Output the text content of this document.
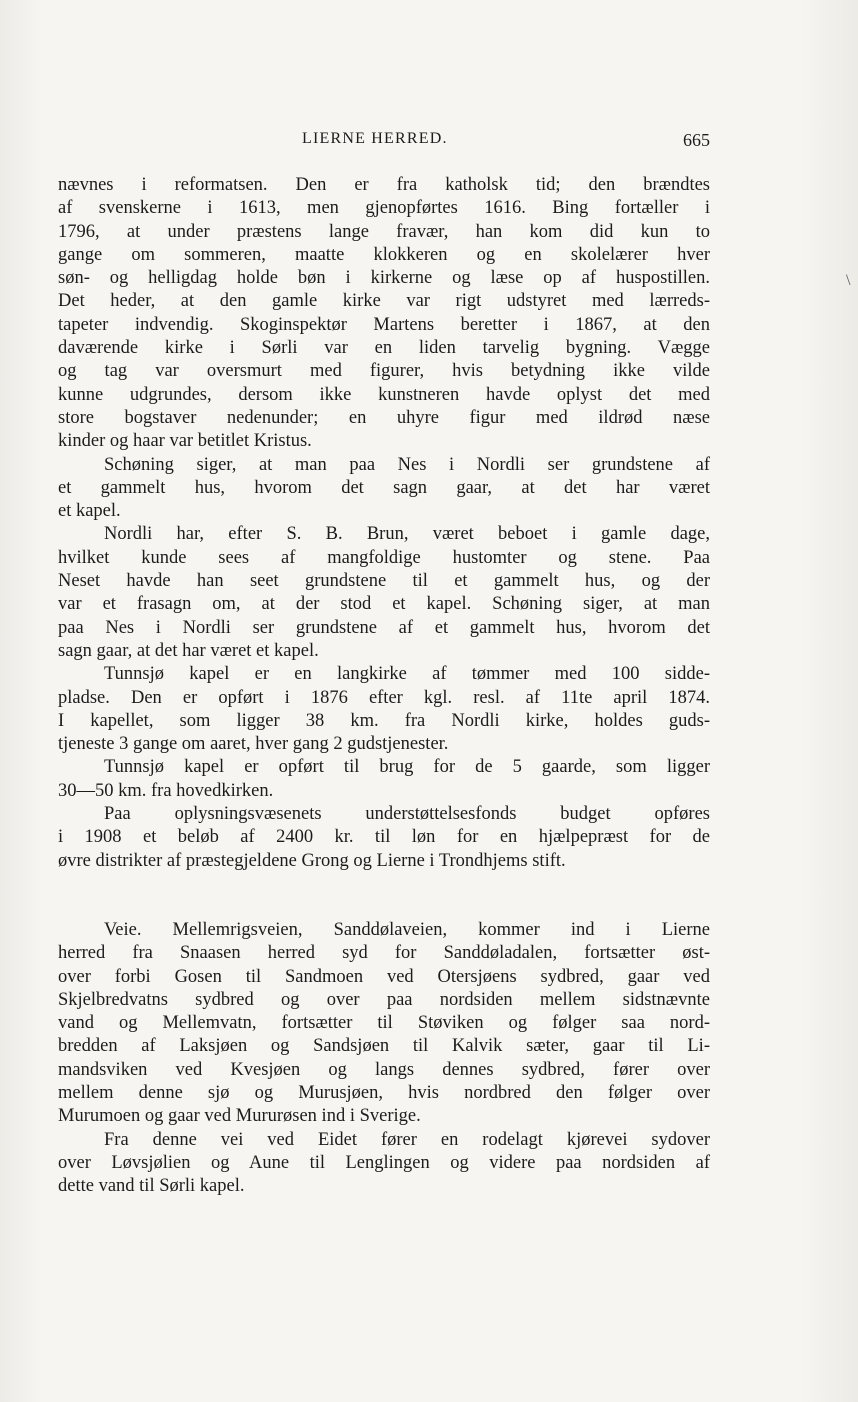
LIERNE HERRED.	665
\
nævnes i reformatsen. Den er fra katholsk tid; den brændtes
af svenskerne i 1613, men gjenopførtes 1616. Bing fortæller i
1796, at under præstens lange fravær, han kom did kun to
gange om sommeren, maatte klokkeren og en skolelærer hver
søn- og helligdag holde bøn i kirkerne og læse op af huspostillen.
Det heder, at den gamle kirke var rigt udstyret med lærreds-
tapeter indvendig. Skoginspektør Martens beretter i 1867, at den
daværende kirke i Sørli var en liden tarvelig bygning. Vægge
og tag var oversmurt med figurer, hvis betydning ikke vilde
kunne udgrundes, dersom ikke kunstneren havde oplyst det med
store bogstaver nedenunder; en uhyre figur med ildrød næse
kinder og haar var betitlet Kristus.
Schøning siger, at man paa Nes i Nordli ser grundstene af
et gammelt hus, hvorom det sagn gaar, at det har været
et kapel.
Nordli har, efter S. B. Brun, været beboet i gamle dage,
hvilket kunde sees af mangfoldige hustomter og stene. Paa
Neset havde han seet grundstene til et gammelt hus, og der
var et frasagn om, at der stod et kapel. Schøning siger, at man
paa Nes i Nordli ser grundstene af et gammelt hus, hvorom det
sagn gaar, at det har været et kapel.
Tunnsjø kapel er en langkirke af tømmer med 100 sidde-
pladse. Den er opført i 1876 efter kgl. resl. af 11te april 1874.
I kapellet, som ligger 38 km. fra Nordli kirke, holdes guds-
tjeneste 3 gange om aaret, hver gang 2 gudstjenester.
Tunnsjø kapel er opført til brug for de 5 gaarde, som ligger
30—50 km. fra hovedkirken.
Paa oplysningsvæsenets understøttelsesfonds budget opføres
i 1908 et beløb af 2400 kr. til løn for en hjælpepræst for de
øvre distrikter af præstegjeldene Grong og Lierne i Trondhjems stift.
Veie. Mellemrigsveien, Sanddølaveien, kommer ind i Lierne
herred fra Snaasen herred syd for Sanddøladalen, fortsætter øst-
over forbi Gosen til Sandmoen ved Otersjøens sydbred, gaar ved
Skjelbredvatns sydbred og over paa nordsiden mellem sidstnævnte
vand og Mellemvatn, fortsætter til Støviken og følger saa nord-
bredden af Laksjøen og Sandsjøen til Kalvik sæter, gaar til Li-
mandsviken ved Kvesjøen og langs dennes sydbred, fører over
mellem denne sjø og Murusjøen, hvis nordbred den følger over
Murumoen og gaar ved Mururøsen ind i Sverige.
Fra denne vei ved Eidet fører en rodelagt kjørevei sydover
over Løvsjølien og Aune til Lenglingen og videre paa nordsiden af
dette vand til Sørli kapel.
